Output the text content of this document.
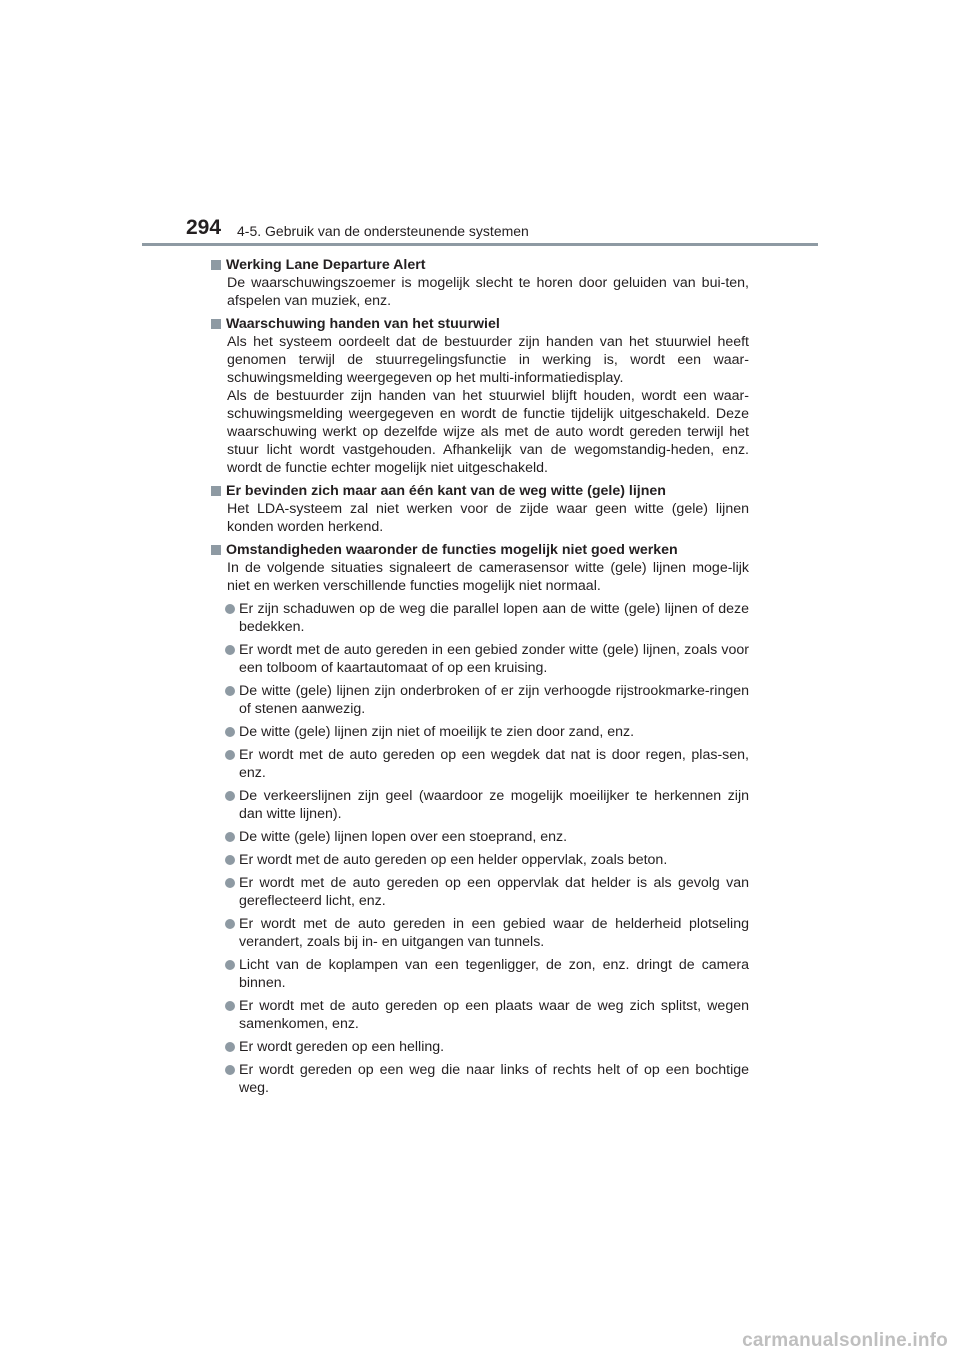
294 4-5. Gebruik van de ondersteunende systemen
Werking Lane Departure Alert
De waarschuwingszoemer is mogelijk slecht te horen door geluiden van bui-ten, afspelen van muziek, enz.
Waarschuwing handen van het stuurwiel
Als het systeem oordeelt dat de bestuurder zijn handen van het stuurwiel heeft genomen terwijl de stuurregelingsfunctie in werking is, wordt een waar-schuwingsmelding weergegeven op het multi-informatiedisplay.
Als de bestuurder zijn handen van het stuurwiel blijft houden, wordt een waar-schuwingsmelding weergegeven en wordt de functie tijdelijk uitgeschakeld. Deze waarschuwing werkt op dezelfde wijze als met de auto wordt gereden terwijl het stuur licht wordt vastgehouden. Afhankelijk van de wegomstandig-heden, enz. wordt de functie echter mogelijk niet uitgeschakeld.
Er bevinden zich maar aan één kant van de weg witte (gele) lijnen
Het LDA-systeem zal niet werken voor de zijde waar geen witte (gele) lijnen konden worden herkend.
Omstandigheden waaronder de functies mogelijk niet goed werken
In de volgende situaties signaleert de camerasensor witte (gele) lijnen moge-lijk niet en werken verschillende functies mogelijk niet normaal.
Er zijn schaduwen op de weg die parallel lopen aan de witte (gele) lijnen of deze bedekken.
Er wordt met de auto gereden in een gebied zonder witte (gele) lijnen, zoals voor een tolboom of kaartautomaat of op een kruising.
De witte (gele) lijnen zijn onderbroken of er zijn verhoogde rijstrookmarke-ringen of stenen aanwezig.
De witte (gele) lijnen zijn niet of moeilijk te zien door zand, enz.
Er wordt met de auto gereden op een wegdek dat nat is door regen, plas-sen, enz.
De verkeerslijnen zijn geel (waardoor ze mogelijk moeilijker te herkennen zijn dan witte lijnen).
De witte (gele) lijnen lopen over een stoeprand, enz.
Er wordt met de auto gereden op een helder oppervlak, zoals beton.
Er wordt met de auto gereden op een oppervlak dat helder is als gevolg van gereflecteerd licht, enz.
Er wordt met de auto gereden in een gebied waar de helderheid plotseling verandert, zoals bij in- en uitgangen van tunnels.
Licht van de koplampen van een tegenligger, de zon, enz. dringt de camera binnen.
Er wordt met de auto gereden op een plaats waar de weg zich splitst, wegen samenkomen, enz.
Er wordt gereden op een helling.
Er wordt gereden op een weg die naar links of rechts helt of op een bochtige weg.
carmanualsonline.info
